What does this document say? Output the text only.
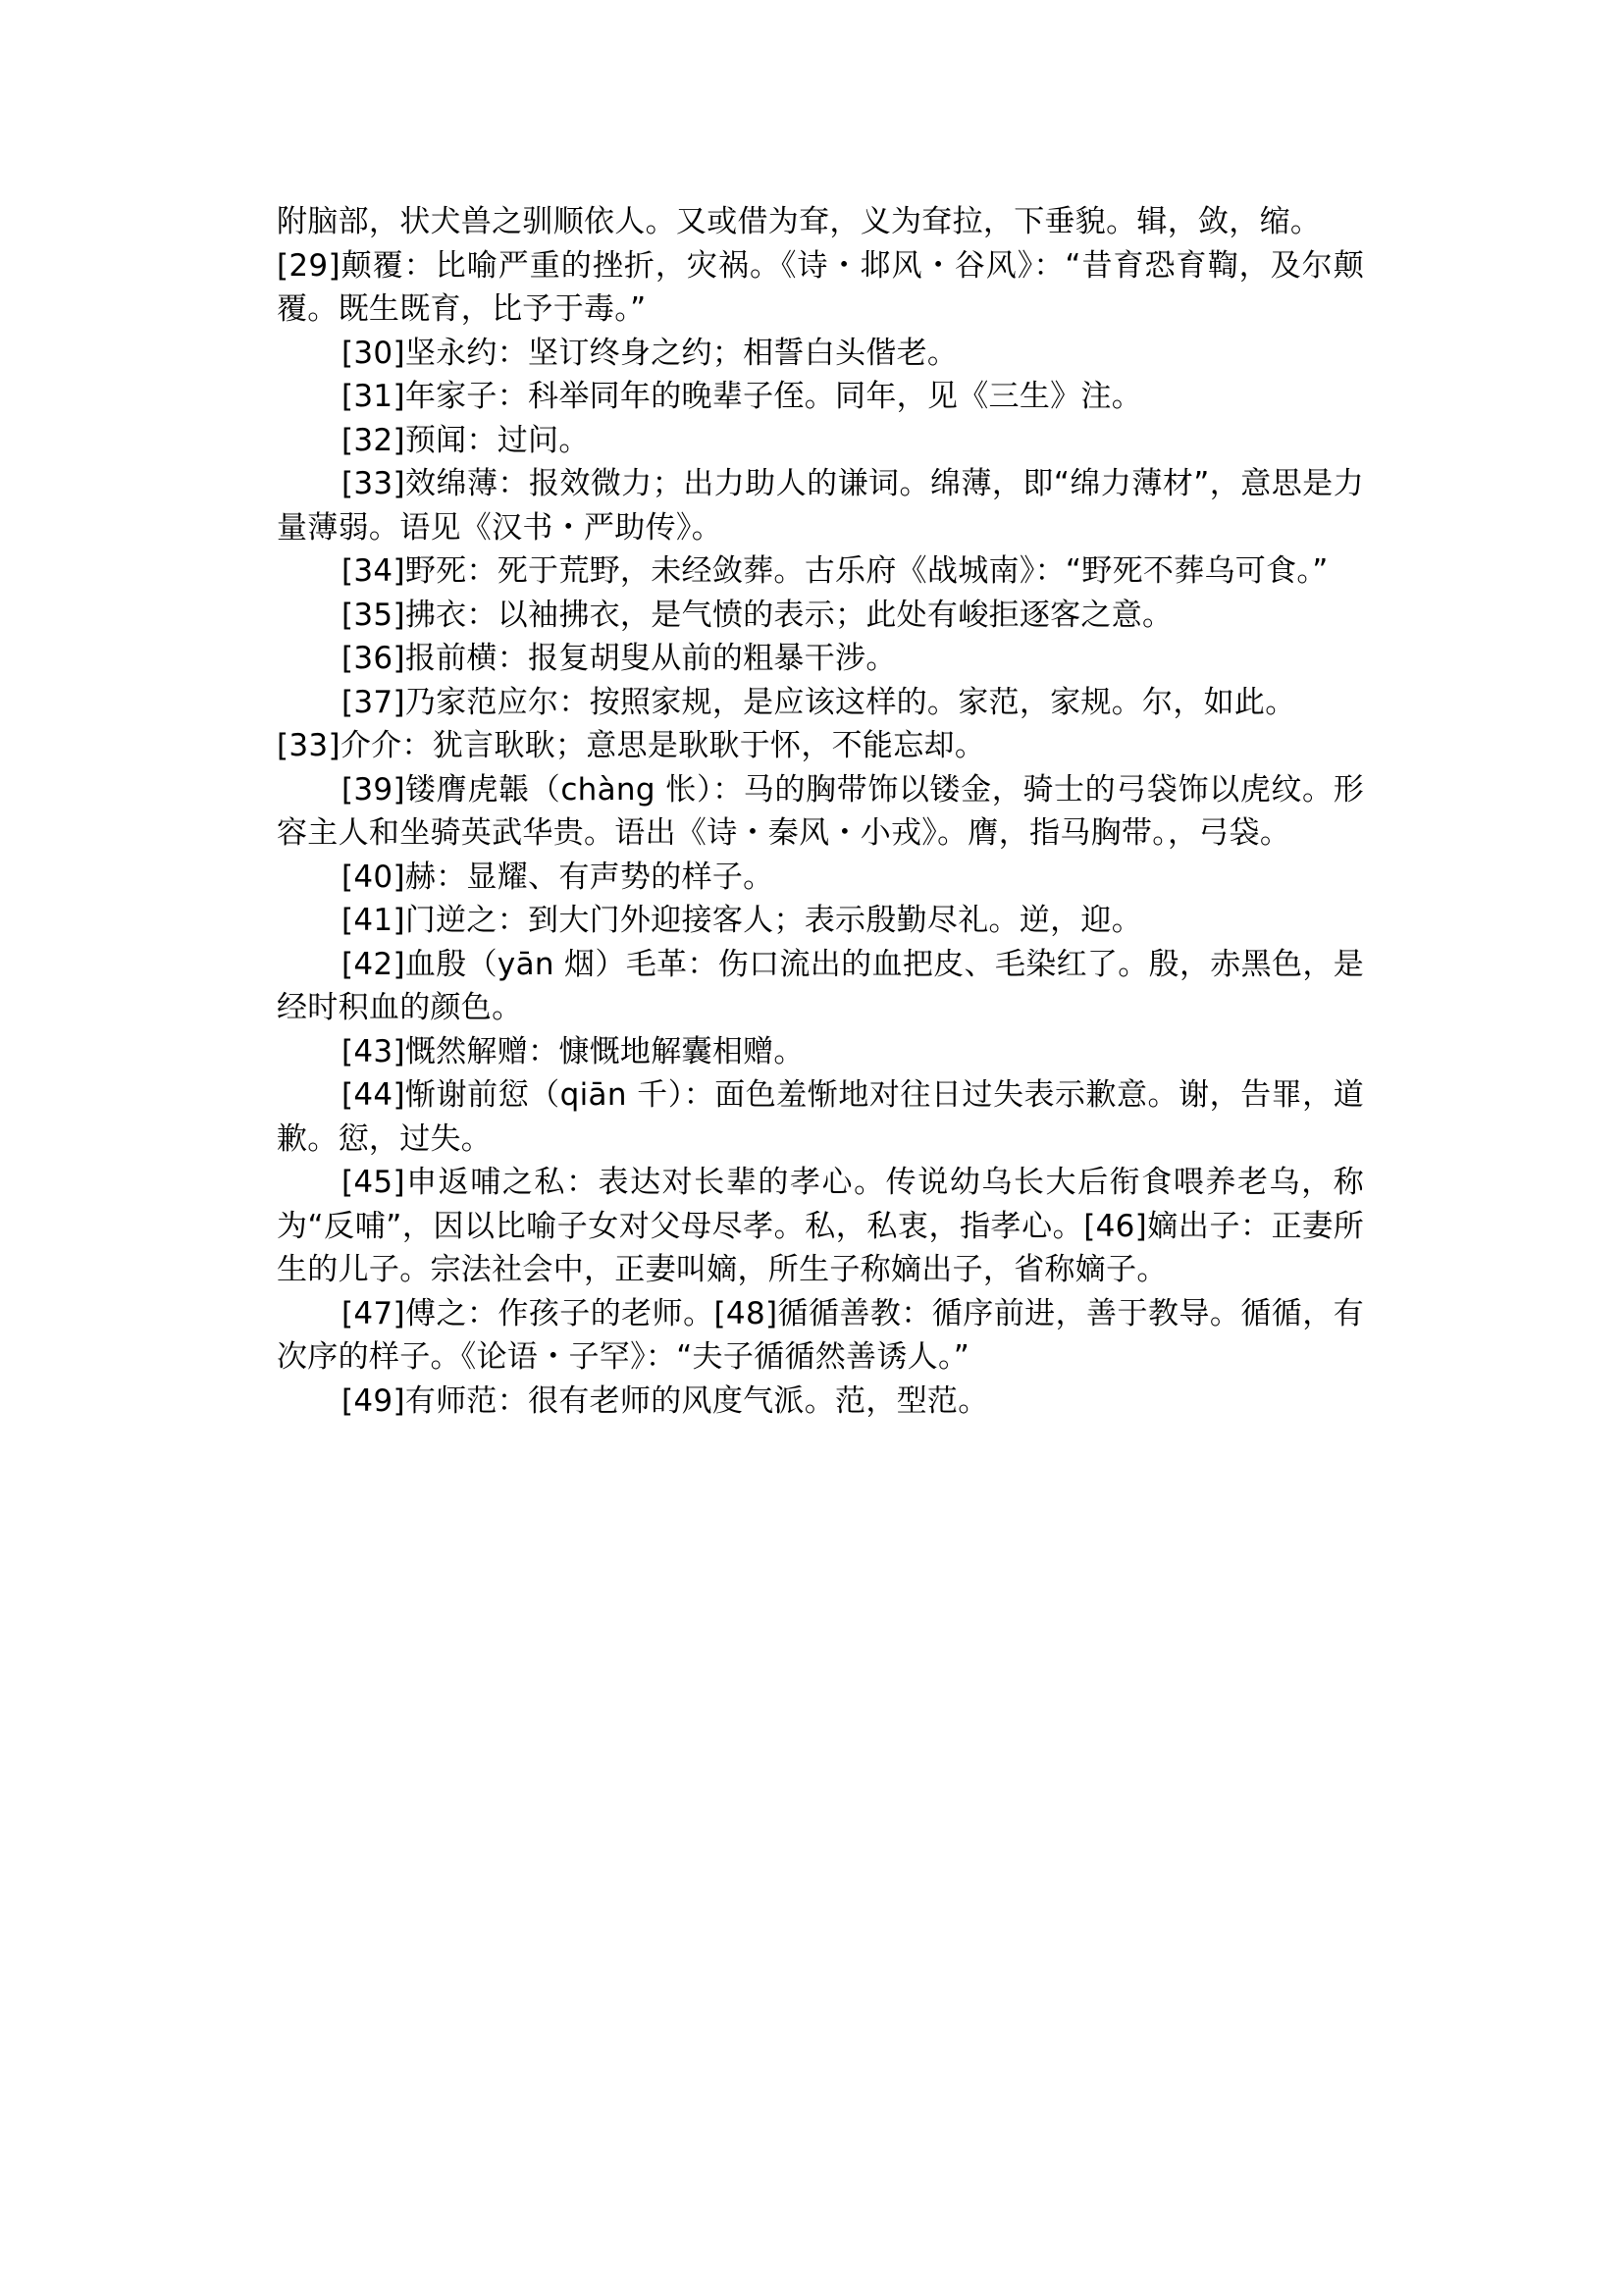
附脑部，状犬兽之驯顺依人。又或借为耷，义为耷拉，下垂貌。辑，敛，缩。

[29]颠覆：比喻严重的挫折，灾祸。《诗・邶风・谷风》：“昔育恐育鞫，及尔颠覆。既生既育，比予于毒。”

[30]坚永约：坚订终身之约；相誓白头偕老。

[31]年家子：科举同年的晚辈子侄。同年，见《三生》注。

[32]预闻：过问。

[33]效绵薄：报效微力；出力助人的谦词。绵薄，即“绵力薄材”，意思是力量薄弱。语见《汉书・严助传》。

[34]野死：死于荒野，未经敛葬。古乐府《战城南》：“野死不葬乌可食。”

[35]拂衣：以袖拂衣，是气愤的表示；此处有峻拒逐客之意。

[36]报前横：报复胡叟从前的粗暴干涉。

[37]乃家范应尔：按照家规，是应该这样的。家范，家规。尔，如此。

[33]介介：犹言耿耿；意思是耿耿于怀，不能忘却。

[39]镂膺虎韔（chàng 怅）：马的胸带饰以镂金，骑士的弓袋饰以虎纹。形容主人和坐骑英武华贵。语出《诗・秦风・小戎》。膺，指马胸带。，弓袋。

[40]赫：显耀、有声势的样子。

[41]门逆之：到大门外迎接客人；表示殷勤尽礼。逆，迎。

[42]血殷（yān 烟）毛革：伤口流出的血把皮、毛染红了。殷，赤黑色，是经时积血的颜色。

[43]慨然解赠：慷慨地解囊相赠。

[44]惭谢前愆（qiān 千）：面色羞惭地对往日过失表示歉意。谢，告罪，道歉。愆，过失。

[45]申返哺之私：表达对长辈的孝心。传说幼乌长大后衔食喂养老乌，称为“反哺”，因以比喻子女对父母尽孝。私，私衷，指孝心。[46]嫡出子：正妻所生的儿子。宗法社会中，正妻叫嫡，所生子称嫡出子，省称嫡子。

[47]傅之：作孩子的老师。[48]循循善教：循序前进，善于教导。循循，有次序的样子。《论语・子罕》：“夫子循循然善诱人。”

[49]有师范：很有老师的风度气派。范，型范。
